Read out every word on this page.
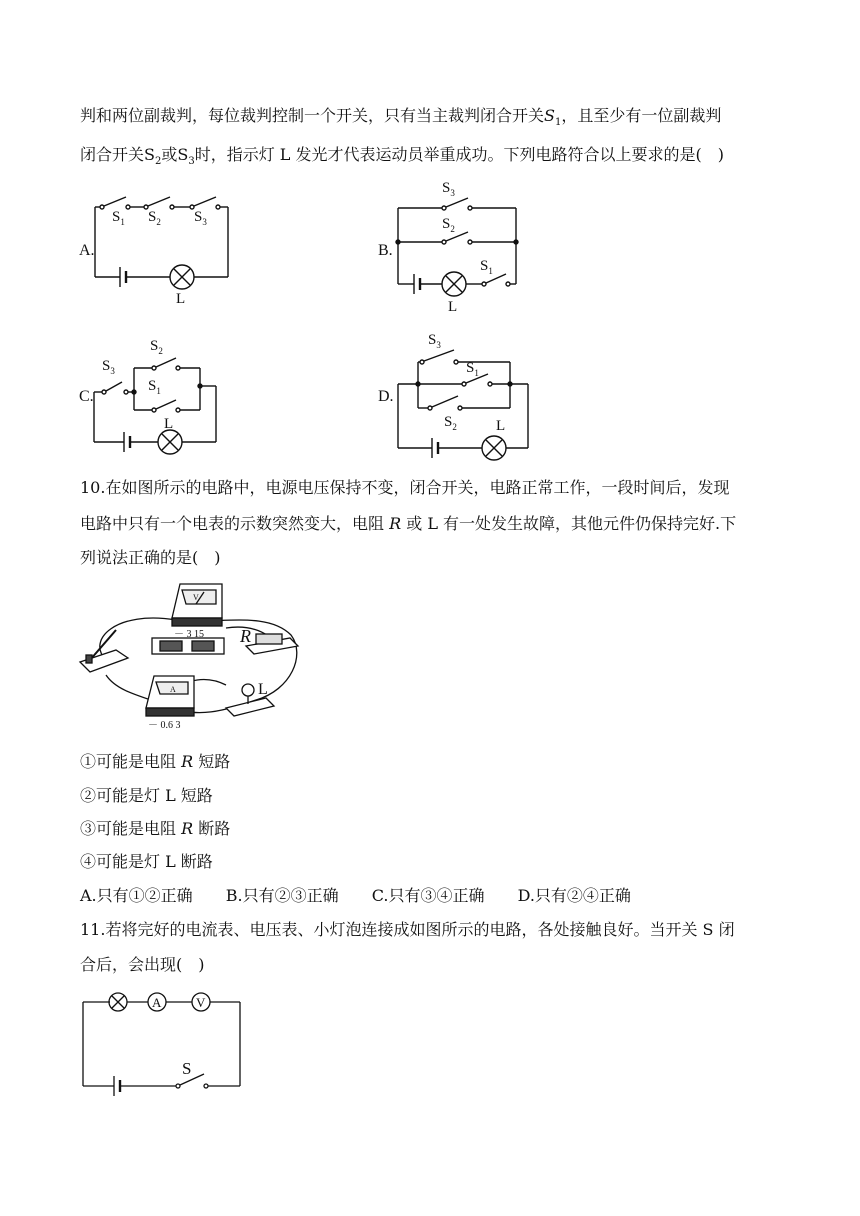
判和两位副裁判，每位裁判控制一个开关，只有当主裁判闭合开关$S_1$，且至少有一位副裁判
闭合开关$S_2$或$S_3$时，指示灯 L 发光才代表运动员举重成功。下列电路符合以上要求的是(　)
A.
$S_1$ $S_2$ $S_3$
L
B.
$S_3$
$S_2$
$S_1$
L
C.
$S_2$
$S_3$
$S_1$
L
D.
$S_3$
$S_1$
$S_2$	L
10.在如图所示的电路中，电源电压保持不变，闭合开关，电路正常工作，一段时间后，发现
电路中只有一个电表的示数突然变大，电阻 R 或 L 有一处发生故障，其他元件仍保持完好.下
列说法正确的是(　)
V
－ 3 15 R
A
－ 0.6 3
L
①可能是电阻 R 短路
②可能是灯 L 短路
③可能是电阻 R 断路
④可能是灯 L 断路
A.只有①②正确 B.只有②③正确 C.只有③④正确 D.只有②④正确
11.若将完好的电流表、电压表、小灯泡连接成如图所示的电路，各处接触良好。当开关 S 闭
合后，会出现(　)
A	V
S
